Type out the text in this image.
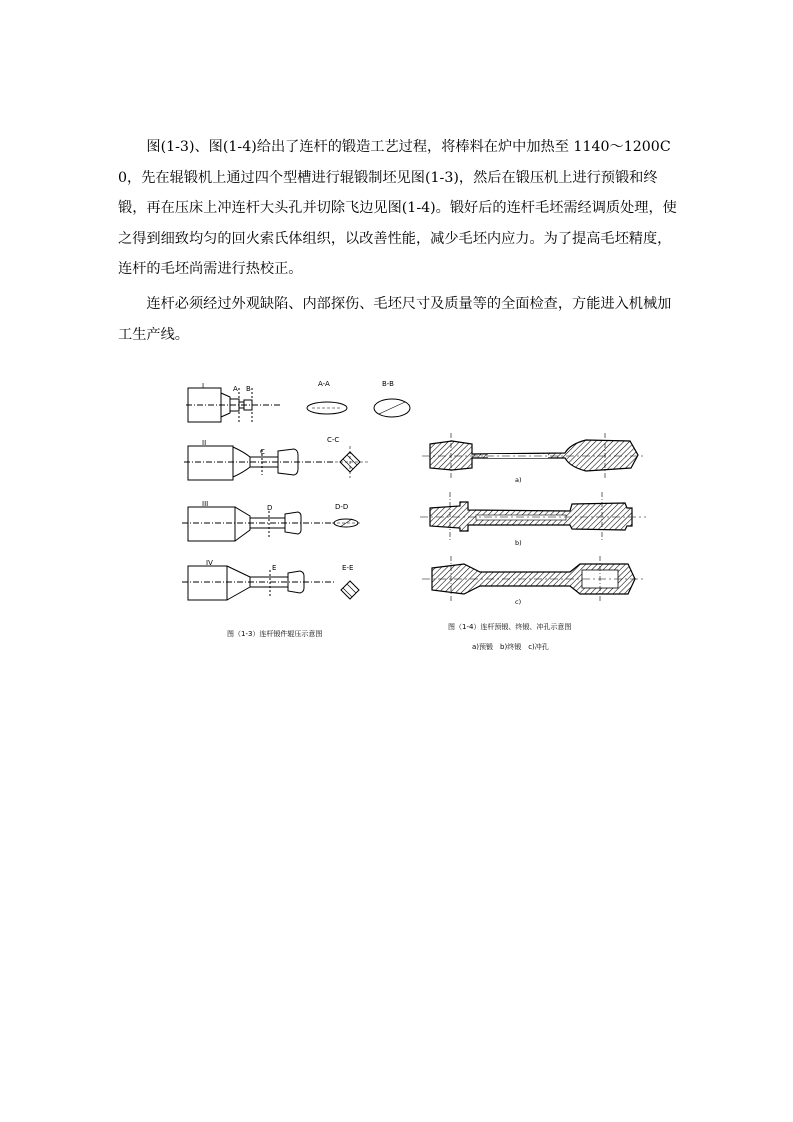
图(1-3)、图(1-4)给出了连杆的锻造工艺过程，将棒料在炉中加热至 1140～1200C0，先在辊锻机上通过四个型槽进行辊锻制坯见图(1-3)，然后在锻压机上进行预锻和终锻，再在压床上冲连杆大头孔并切除飞边见图(1-4)。锻好后的连杆毛坯需经调质处理，使之得到细致均匀的回火索氏体组织，以改善性能，减少毛坯内应力。为了提高毛坯精度，连杆的毛坯尚需进行热校正。

连杆必须经过外观缺陷、内部探伤、毛坯尺寸及质量等的全面检查，方能进入机械加工生产线。

I
II
III
IV
A-A	B-B
C-C
D-D
E-E
A B
C
D
E
图（1-3）连杆锻件辊压示意图
a)
b)
c)
图（1-4）连杆预锻、终锻、冲孔示意图
a)预锻　b)终锻　c)冲孔
